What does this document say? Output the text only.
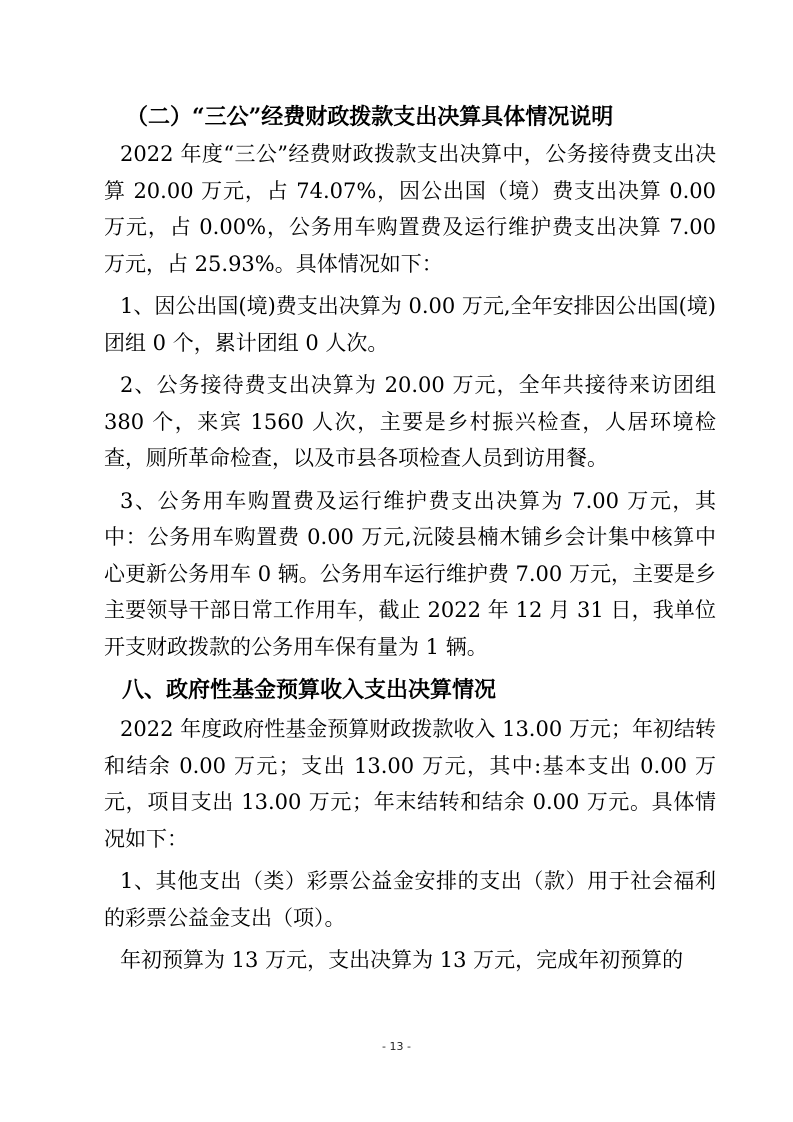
（二）“三公”经费财政拨款支出决算具体情况说明

2022 年度“三公”经费财政拨款支出决算中，公务接待费支出决算 20.00 万元，占 74.07%，因公出国（境）费支出决算 0.00 万元，占 0.00%，公务用车购置费及运行维护费支出决算 7.00 万元，占 25.93%。具体情况如下：

1、因公出国(境)费支出决算为 0.00 万元,全年安排因公出国(境)团组 0 个，累计团组 0 人次。

2、公务接待费支出决算为 20.00 万元，全年共接待来访团组 380 个，来宾 1560 人次，主要是乡村振兴检查，人居环境检查，厕所革命检查，以及市县各项检查人员到访用餐。

3、公务用车购置费及运行维护费支出决算为 7.00 万元，其中：公务用车购置费 0.00 万元,沅陵县楠木铺乡会计集中核算中心更新公务用车 0 辆。公务用车运行维护费 7.00 万元，主要是乡主要领导干部日常工作用车，截止 2022 年 12 月 31 日，我单位开支财政拨款的公务用车保有量为 1 辆。

八、政府性基金预算收入支出决算情况

2022 年度政府性基金预算财政拨款收入 13.00 万元；年初结转和结余 0.00 万元；支出 13.00 万元，其中:基本支出 0.00 万元，项目支出 13.00 万元；年末结转和结余 0.00 万元。具体情况如下：

1、其他支出（类）彩票公益金安排的支出（款）用于社会福利的彩票公益金支出（项）。

年初预算为 13 万元，支出决算为 13 万元，完成年初预算的

- 13 -
